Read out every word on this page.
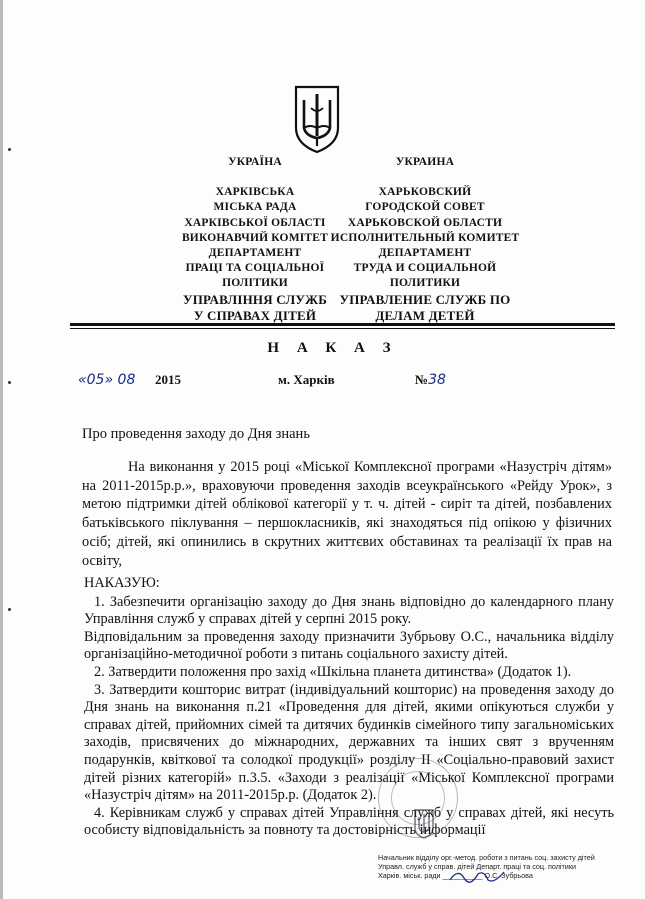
УКРАЇНА
ХАРКІВСЬКА
МІСЬКА РАДА
ХАРКІВСЬКОЇ ОБЛАСТІ
ВИКОНАВЧИЙ КОМІТЕТ
ДЕПАРТАМЕНТ
ПРАЦІ ТА СОЦІАЛЬНОЇ
ПОЛІТИКИ
УПРАВЛІННЯ СЛУЖБ
У СПРАВАХ ДІТЕЙ
УКРАИНА
ХАРЬКОВСКИЙ
ГОРОДСКОЙ СОВЕТ
ХАРЬКОВСКОЙ ОБЛАСТИ
ИСПОЛНИТЕЛЬНЫЙ КОМИТЕТ
ДЕПАРТАМЕНТ
ТРУДА И СОЦИАЛЬНОЙ
ПОЛИТИКИ
УПРАВЛЕНИЕ СЛУЖБ ПО
ДЕЛАМ ДЕТЕЙ
Н А К А З
«05» 08 2015	м. Харків	№38
Про проведення заходу до Дня знань

На виконання у 2015 році «Міської Комплексної програми «Назустріч дітям» на 2011-2015р.р.», враховуючи проведення заходів всеукраїнського «Рейду Урок», з метою підтримки дітей облікової категорії у т. ч. дітей - сиріт та дітей, позбавлених батьківського піклування – першокласників, які знаходяться під опікою у фізичних осіб; дітей, які опинились в скрутних життєвих обставинах та реалізації їх прав на освіту,

НАКАЗУЮ:

1. Забезпечити організацію заходу до Дня знань відповідно до календарного плану Управління служб у справах дітей у серпні 2015 року.

Відповідальним за проведення заходу призначити Зубрьову О.С., начальника відділу організаційно-методичної роботи з питань соціального захисту дітей.

2. Затвердити положення про захід «Шкільна планета дитинства» (Додаток 1).

3. Затвердити кошторис витрат (індивідуальний кошторис) на проведення заходу до Дня знань на виконання п.21 «Проведення для дітей, якими опікуються служби у справах дітей, прийомних сімей та дитячих будинків сімейного типу загальноміських заходів, присвячених до міжнародних, державних та інших свят з врученням подарунків, квіткової та солодкої продукції» розділу II «Соціально-правовий захист дітей різних категорій» п.3.5. «Заходи з реалізації «Міської Комплексної програми «Назустріч дітям» на 2011-2015р.р. (Додаток 2).

4. Керівникам служб у справах дітей Управління служб у справах дітей, які несуть особисту відповідальність за повноту та достовірність інформації

Начальник відділу орг.-метод. роботи з питань соц. захисту дітей
Управл. служб у справ. дітей Департ. праці та соц. політики
Харків. міськ. ради __________ О.С. Зубрьова
